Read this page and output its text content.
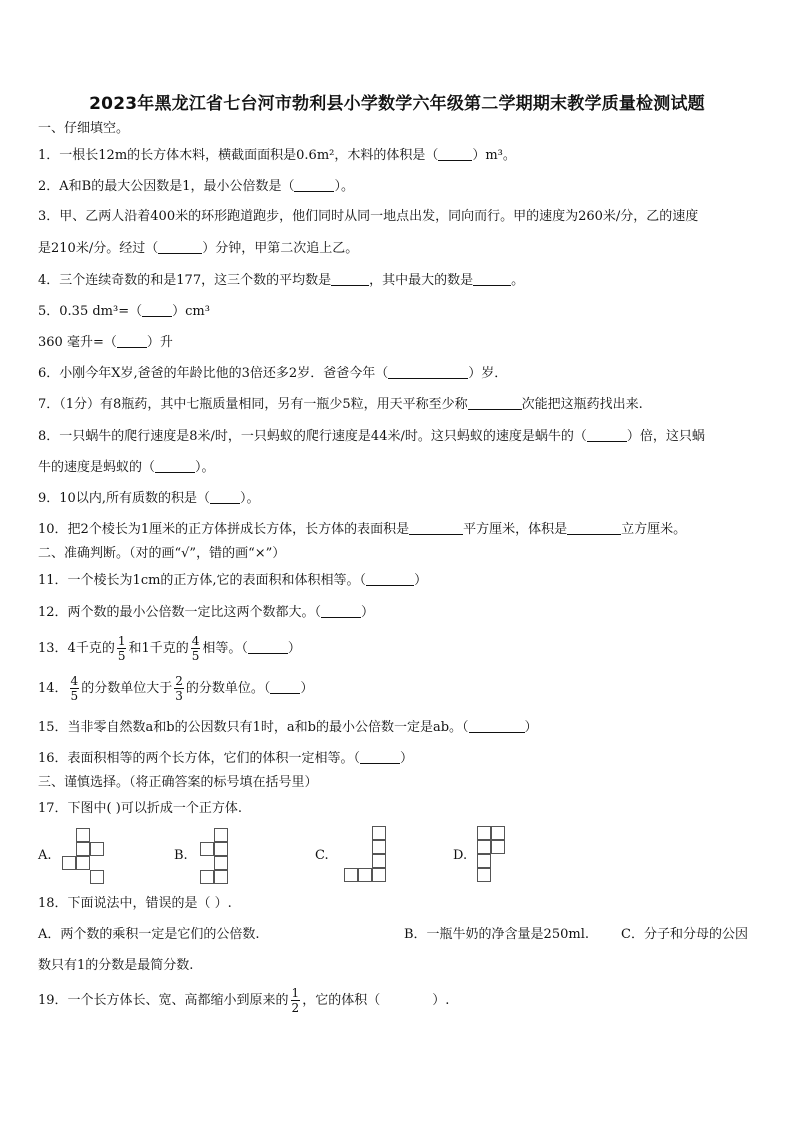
2023年黑龙江省七台河市勃利县小学数学六年级第二学期期末教学质量检测试题
一、仔细填空。
1．一根长12m的长方体木料，横截面面积是0.6m²，木料的体积是（	）m³。
2．A和B的最大公因数是1，最小公倍数是（	）。
3．甲、乙两人沿着400米的环形跑道跑步，他们同时从同一地点出发，同向而行。甲的速度为260米/分，乙的速度
是210米/分。经过（	）分钟，甲第二次追上乙。
4．三个连续奇数的和是177，这三个数的平均数是	，其中最大的数是	。
5．0.35 dm³=（ ）cm³
360 毫升=（ ）升
6．小刚今年X岁,爸爸的年龄比他的3倍还多2岁．爸爸今年（	）岁．
7．（1分）有8瓶药，其中七瓶质量相同，另有一瓶少5粒，用天平称至少称	次能把这瓶药找出来.
8．一只蜗牛的爬行速度是8米/时，一只蚂蚁的爬行速度是44米/时。这只蚂蚁的速度是蜗牛的（	）倍，这只蜗
牛的速度是蚂蚁的（	）。
9．10以内,所有质数的积是（ ）。
10．把2个棱长为1厘米的正方体拼成长方体，长方体的表面积是	平方厘米，体积是	立方厘米。
二、准确判断。（对的画“√”，错的画“×”）
11．一个棱长为1cm的正方体,它的表面积和体积相等。（	）
12．两个数的最小公倍数一定比这两个数都大。（	）
13．4千克的 $\frac{1}{5}$ 和1千克的 $\frac{4}{5}$ 相等。（	）
14． $\frac{4}{5}$ 的分数单位大于 $\frac{2}{3}$ 的分数单位。（ ）
15．当非零自然数a和b的公因数只有1时，a和b的最小公倍数一定是ab。（	）
16．表面积相等的两个长方体，它们的体积一定相等。（	）
三、谨慎选择。（将正确答案的标号填在括号里）
17．下图中( )可以折成一个正方体.
A.	B.	C.	D.
18．下面说法中，错误的是（ ）.
A．两个数的乘积一定是它们的公倍数.	B．一瓶牛奶的净含量是250ml. C．分子和分母的公因
数只有1的分数是最简分数.
19．一个长方体长、宽、高都缩小到原来的 $\frac{1}{2}$ ，它的体积（	）.
